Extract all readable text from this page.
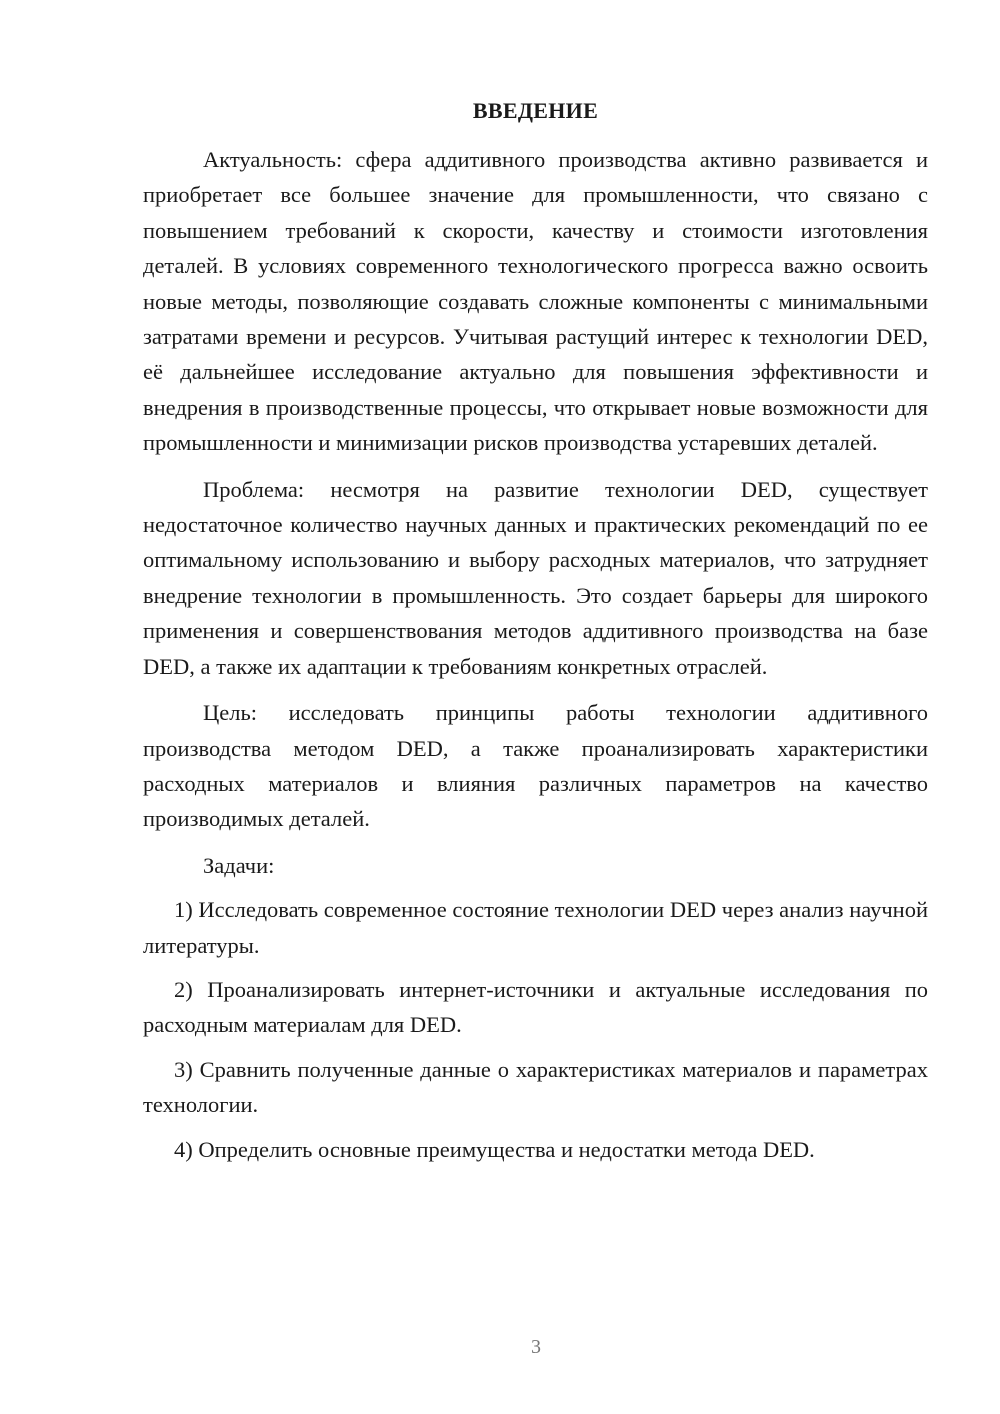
ВВЕДЕНИЕ

Актуальность: сфера аддитивного производства активно развивается и приобретает все большее значение для промышленности, что связано с повышением требований к скорости, качеству и стоимости изготовления деталей. В условиях современного технологического прогресса важно освоить новые методы, позволяющие создавать сложные компоненты с минимальными затратами времени и ресурсов. Учитывая растущий интерес к технологии DED, её дальнейшее исследование актуально для повышения эффективности и внедрения в производственные процессы, что открывает новые возможности для промышленности и минимизации рисков производства устаревших деталей.

Проблема: несмотря на развитие технологии DED, существует недостаточное количество научных данных и практических рекомендаций по ее оптимальному использованию и выбору расходных материалов, что затрудняет внедрение технологии в промышленность. Это создает барьеры для широкого применения и совершенствования методов аддитивного производства на базе DED, а также их адаптации к требованиям конкретных отраслей.

Цель: исследовать принципы работы технологии аддитивного производства методом DED, а также проанализировать характеристики расходных материалов и влияния различных параметров на качество производимых деталей.

Задачи:

1) Исследовать современное состояние технологии DED через анализ научной литературы.

2) Проанализировать интернет-источники и актуальные исследования по расходным материалам для DED.

3) Сравнить полученные данные о характеристиках материалов и параметрах технологии.

4) Определить основные преимущества и недостатки метода DED.

3
